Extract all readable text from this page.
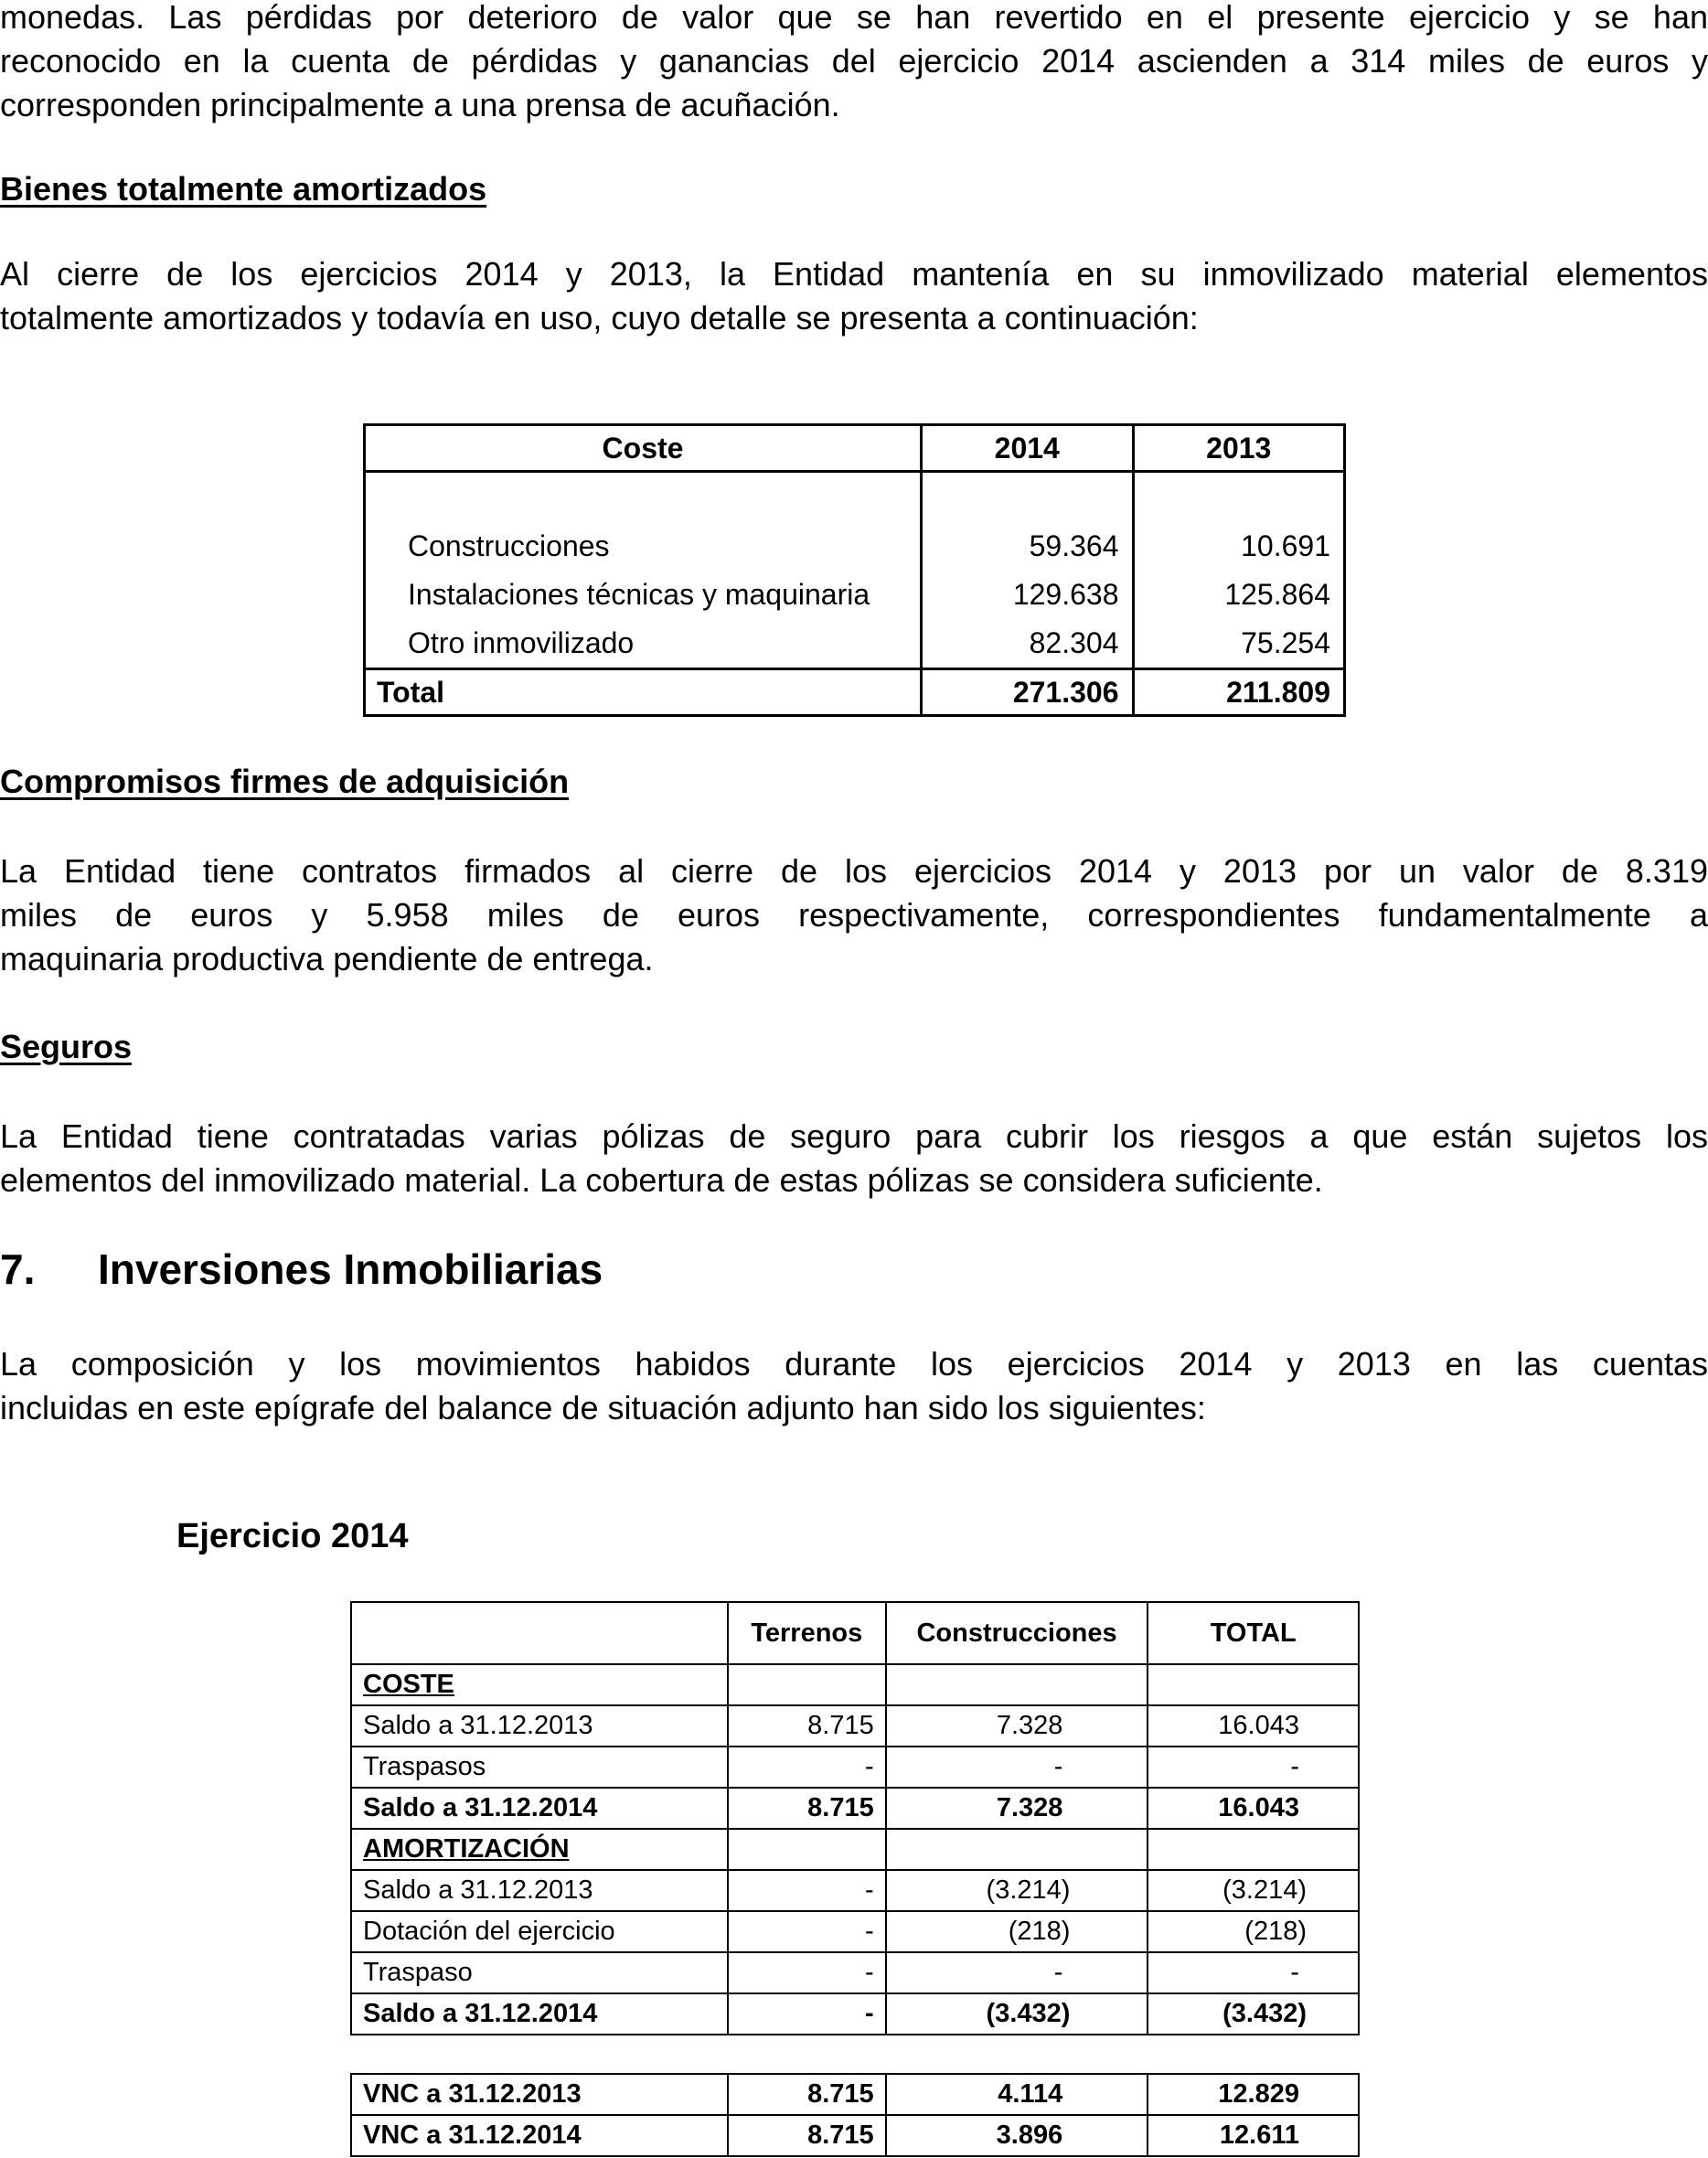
monedas. Las pérdidas por deterioro de valor que se han revertido en el presente ejercicio y se han

reconocido en la cuenta de pérdidas y ganancias del ejercicio 2014 ascienden a 314 miles de euros y

corresponden principalmente a una prensa de acuñación.

Bienes totalmente amortizados

Al cierre de los ejercicios 2014 y 2013, la Entidad mantenía en su inmovilizado material elementos

totalmente amortizados y todavía en uso, cuyo detalle se presenta a continuación:

Coste	2014	2013

Construcciones	59.364	10.691
Instalaciones técnicas y maquinaria	129.638	125.864
Otro inmovilizado	82.304	75.254
Total	271.306	211.809
Compromisos firmes de adquisición

La Entidad tiene contratos firmados al cierre de los ejercicios 2014 y 2013 por un valor de 8.319

miles de euros y 5.958 miles de euros respectivamente, correspondientes fundamentalmente a

maquinaria productiva pendiente de entrega.

Seguros

La Entidad tiene contratadas varias pólizas de seguro para cubrir los riesgos a que están sujetos los

elementos del inmovilizado material. La cobertura de estas pólizas se considera suficiente.

7. Inversiones Inmobiliarias

La composición y los movimientos habidos durante los ejercicios 2014 y 2013 en las cuentas

incluidas en este epígrafe del balance de situación adjunto han sido los siguientes:

Ejercicio 2014
	Terrenos	Construcciones	TOTAL
COSTE			
Saldo a 31.12.2013	8.715	7.328	16.043
Traspasos	-	-	-
Saldo a 31.12.2014	8.715	7.328	16.043
AMORTIZACIÓN			
Saldo a 31.12.2013	-	(3.214)	(3.214)
Dotación del ejercicio	-	(218)	(218)
Traspaso	-	-	-
Saldo a 31.12.2014	-	(3.432)	(3.432)
VNC a 31.12.2013	8.715	4.114	12.829
VNC a 31.12.2014	8.715	3.896	12.611
